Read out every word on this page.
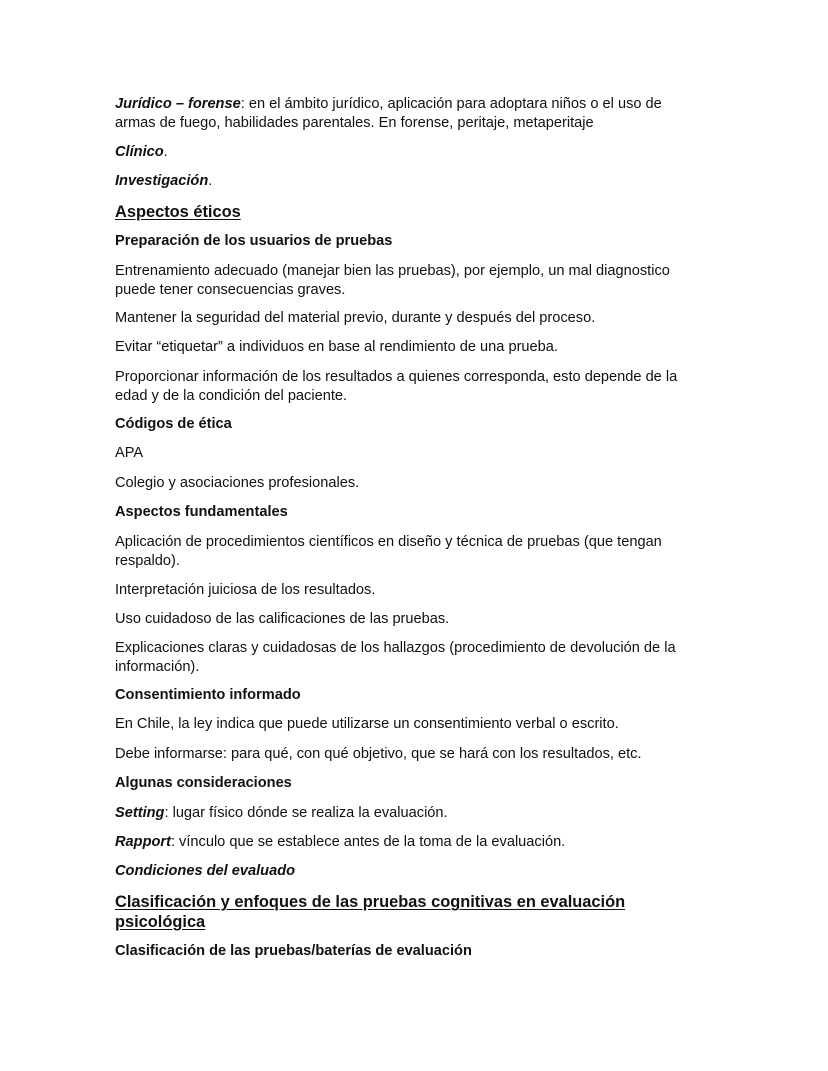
Jurídico – forense: en el ámbito jurídico, aplicación para adoptara niños o el uso de armas de fuego, habilidades parentales. En forense, peritaje, metaperitaje

Clínico.

Investigación.

Aspectos éticos

Preparación de los usuarios de pruebas

Entrenamiento adecuado (manejar bien las pruebas), por ejemplo, un mal diagnostico puede tener consecuencias graves.

Mantener la seguridad del material previo, durante y después del proceso.

Evitar “etiquetar” a individuos en base al rendimiento de una prueba.

Proporcionar información de los resultados a quienes corresponda, esto depende de la edad y de la condición del paciente.

Códigos de ética

APA

Colegio y asociaciones profesionales.

Aspectos fundamentales

Aplicación de procedimientos científicos en diseño y técnica de pruebas (que tengan respaldo).

Interpretación juiciosa de los resultados.

Uso cuidadoso de las calificaciones de las pruebas.

Explicaciones claras y cuidadosas de los hallazgos (procedimiento de devolución de la información).

Consentimiento informado

En Chile, la ley indica que puede utilizarse un consentimiento verbal o escrito.

Debe informarse: para qué, con qué objetivo, que se hará con los resultados, etc.

Algunas consideraciones

Setting: lugar físico dónde se realiza la evaluación.

Rapport: vínculo que se establece antes de la toma de la evaluación.

Condiciones del evaluado

Clasificación y enfoques de las pruebas cognitivas en evaluación psicológica

Clasificación de las pruebas/baterías de evaluación
